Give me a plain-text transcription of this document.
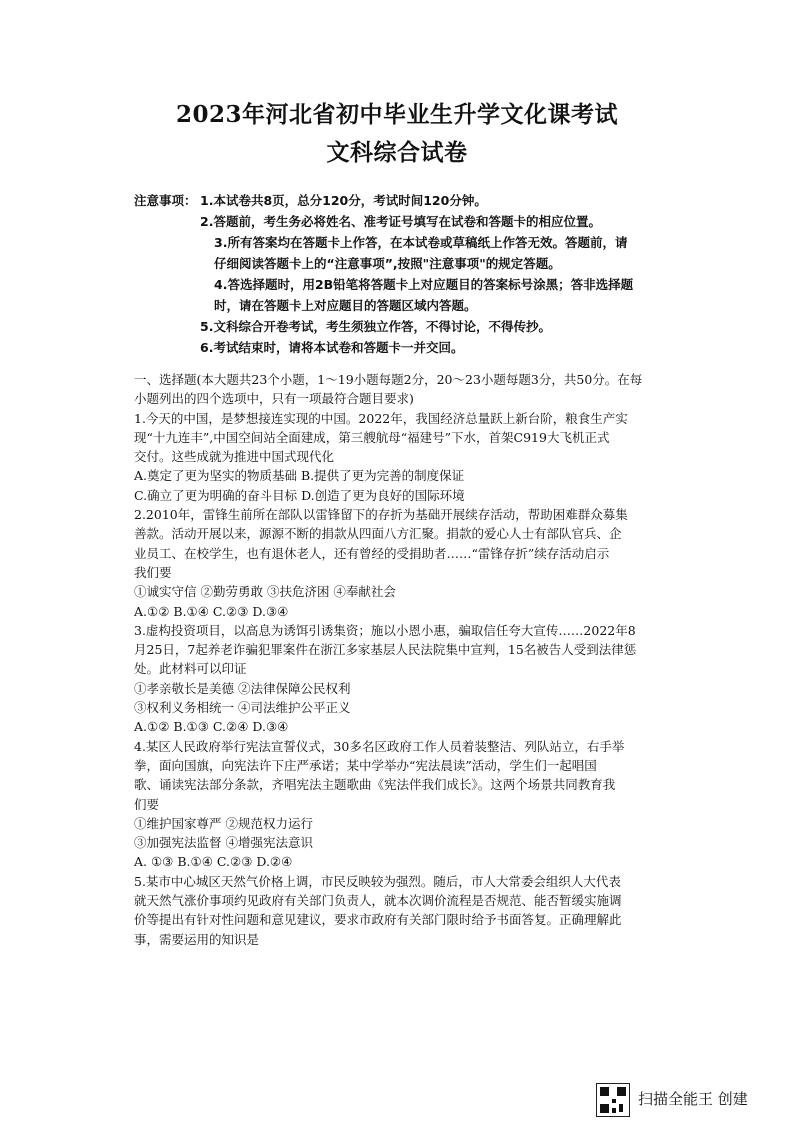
2023年河北省初中毕业生升学文化课考试
文科综合试卷
注意事项： 1.本试卷共8页，总分120分，考试时间120分钟。
2.答题前，考生务必将姓名、准考证号填写在试卷和答题卡的相应位置。
3.所有答案均在答题卡上作答，在本试卷或草稿纸上作答无效。答题前，请
仔细阅读答题卡上的“注意事项”,按照"注意事项"的规定答题。
4.答选择题时，用2B铅笔将答题卡上对应题目的答案标号涂黑；答非选择题
时，请在答题卡上对应题目的答题区域内答题。
5.文科综合开卷考试，考生须独立作答，不得讨论，不得传抄。
6.考试结束时，请将本试卷和答题卡一并交回。

一、选择题(本大题共23个小题，1～19小题每题2分，20～23小题每题3分，共50分。在每

小题列出的四个选项中，只有一项最符合题目要求)

1.今天的中国，是梦想接连实现的中国。2022年，我国经济总量跃上新台阶，粮食生产实

现“十九连丰”,中国空间站全面建成，第三艘航母“福建号”下水，首架C919大飞机正式

交付。这些成就为推进中国式现代化

A.奠定了更为坚实的物质基础 B.提供了更为完善的制度保证

C.确立了更为明确的奋斗目标 D.创造了更为良好的国际环境

2.2010年，雷锋生前所在部队以雷锋留下的存折为基础开展续存活动，帮助困难群众募集

善款。活动开展以来，源源不断的捐款从四面八方汇聚。捐款的爱心人士有部队官兵、企

业员工、在校学生，也有退休老人，还有曾经的受捐助者……“雷锋存折”续存活动启示

我们要

①诚实守信 ②勤劳勇敢 ③扶危济困 ④奉献社会

A.①② B.①④ C.②③ D.③④

3.虚构投资项目，以高息为诱饵引诱集资；施以小恩小惠，骗取信任夸大宣传……2022年8

月25日，7起养老诈骗犯罪案件在浙江多家基层人民法院集中宣判，15名被告人受到法律惩

处。此材料可以印证

①孝亲敬长是美德 ②法律保障公民权利

③权利义务相统一 ④司法维护公平正义

A.①② B.①③ C.②④ D.③④

4.某区人民政府举行宪法宣誓仪式，30多名区政府工作人员着装整洁、列队站立，右手举

拳，面向国旗，向宪法许下庄严承诺；某中学举办“宪法晨读”活动，学生们一起唱国

歌、诵读宪法部分条款，齐唱宪法主题歌曲《宪法伴我们成长》。这两个场景共同教育我

们要

①维护国家尊严 ②规范权力运行

③加强宪法监督 ④增强宪法意识

A. ①③ B.①④ C.②③ D.②④

5.某市中心城区天然气价格上调，市民反映较为强烈。随后，市人大常委会组织人大代表

就天然气涨价事项约见政府有关部门负责人，就本次调价流程是否规范、能否暂缓实施调

价等提出有针对性问题和意见建议，要求市政府有关部门限时给予书面答复。正确理解此

事，需要运用的知识是

扫描全能王 创建
